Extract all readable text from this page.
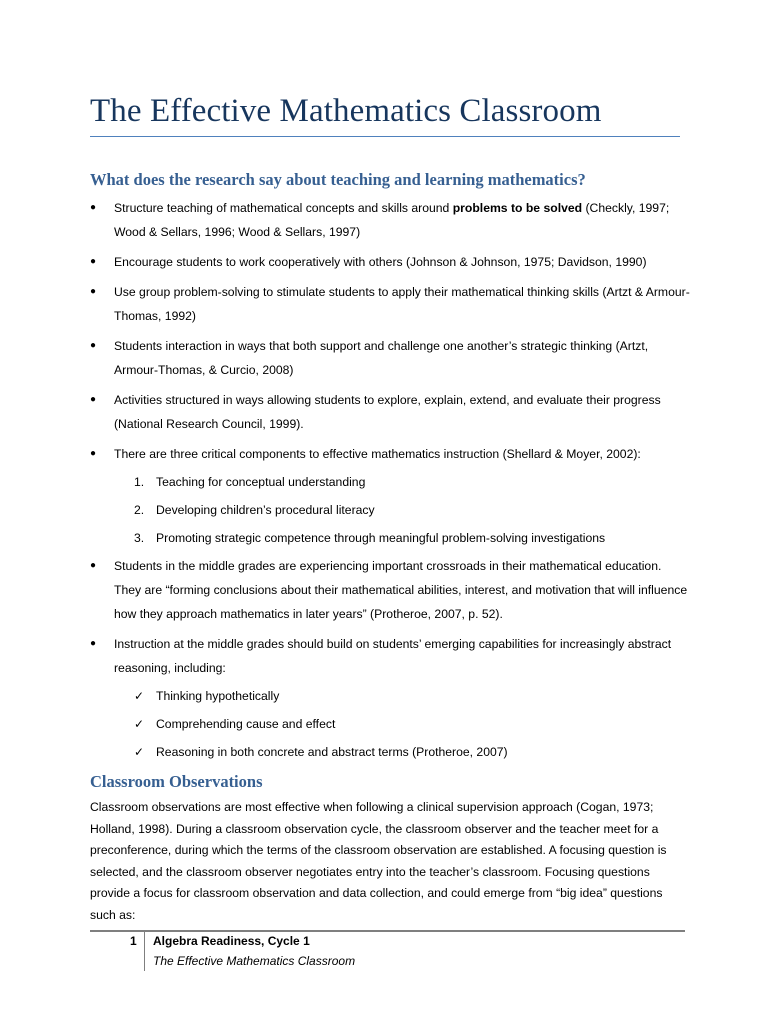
The Effective Mathematics Classroom
What does the research say about teaching and learning mathematics?
● Structure teaching of mathematical concepts and skills around problems to be solved (Checkly, 1997; Wood & Sellars, 1996; Wood & Sellars, 1997)
● Encourage students to work cooperatively with others (Johnson & Johnson, 1975; Davidson, 1990)
● Use group problem-solving to stimulate students to apply their mathematical thinking skills (Artzt & Armour-Thomas, 1992)
● Students interaction in ways that both support and challenge one another’s strategic thinking (Artzt, Armour-Thomas, & Curcio, 2008)
● Activities structured in ways allowing students to explore, explain, extend, and evaluate their progress (National Research Council, 1999).
● There are three critical components to effective mathematics instruction (Shellard & Moyer, 2002):
1. Teaching for conceptual understanding
2. Developing children’s procedural literacy
3. Promoting strategic competence through meaningful problem-solving investigations
● Students in the middle grades are experiencing important crossroads in their mathematical education. They are “forming conclusions about their mathematical abilities, interest, and motivation that will influence how they approach mathematics in later years” (Protheroe, 2007, p. 52).
● Instruction at the middle grades should build on students’ emerging capabilities for increasingly abstract reasoning, including:
✓ Thinking hypothetically
✓ Comprehending cause and effect
✓ Reasoning in both concrete and abstract terms (Protheroe, 2007)
Classroom Observations
Classroom observations are most effective when following a clinical supervision approach (Cogan, 1973; Holland, 1998). During a classroom observation cycle, the classroom observer and the teacher meet for a preconference, during which the terms of the classroom observation are established. A focusing question is selected, and the classroom observer negotiates entry into the teacher’s classroom. Focusing questions provide a focus for classroom observation and data collection, and could emerge from “big idea” questions such as:
1 Algebra Readiness, Cycle 1
The Effective Mathematics Classroom
